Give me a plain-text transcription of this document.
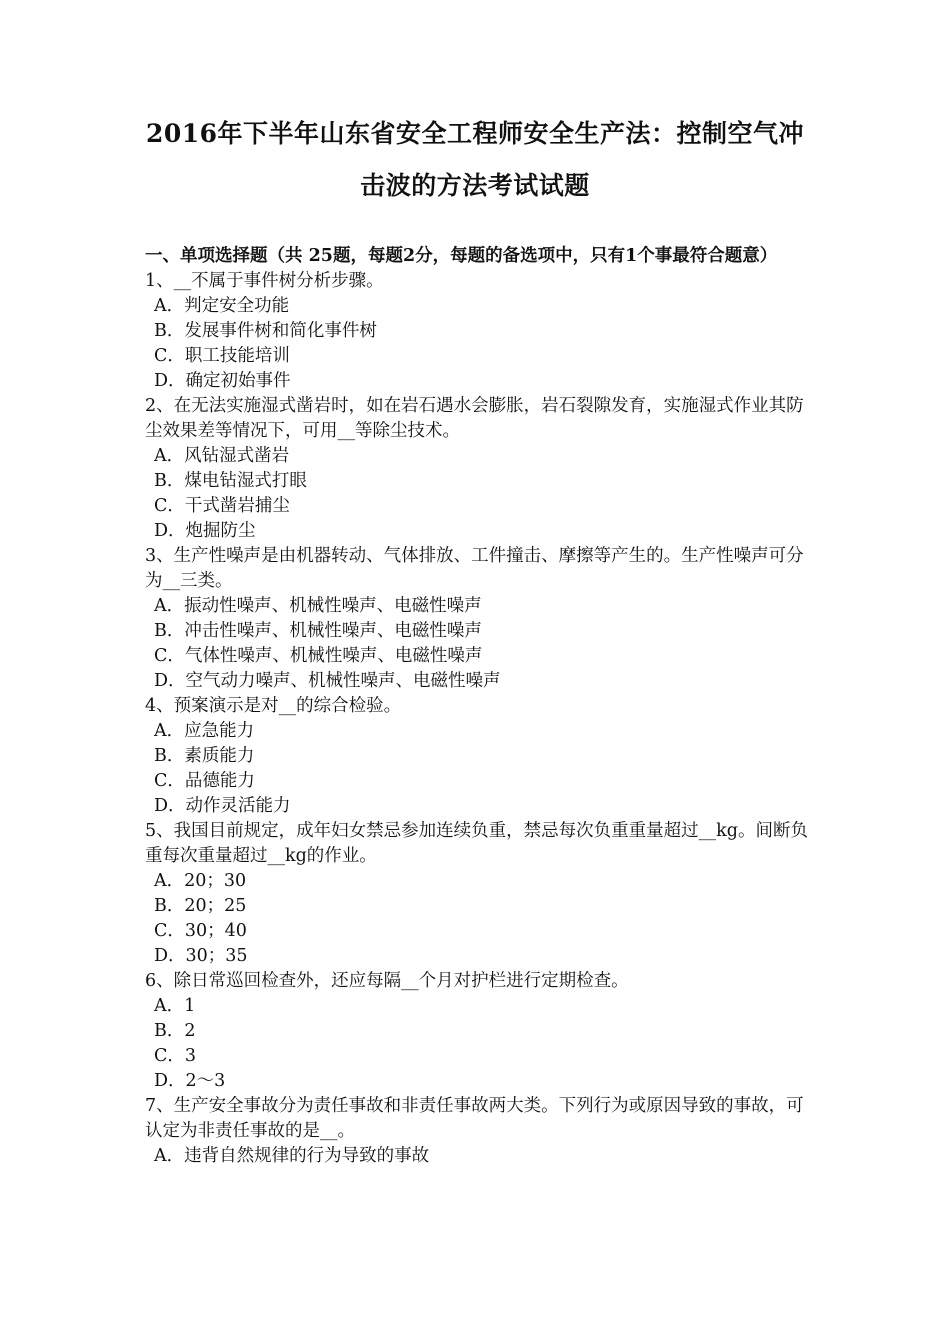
2016年下半年山东省安全工程师安全生产法：控制空气冲
击波的方法考试试题

一、单项选择题（共 25题，每题2分，每题的备选项中，只有1个事最符合题意）

1、__不属于事件树分析步骤。

A．判定安全功能

B．发展事件树和简化事件树

C．职工技能培训

D．确定初始事件

2、在无法实施湿式凿岩时，如在岩石遇水会膨胀，岩石裂隙发育，实施湿式作业其防尘效果差等情况下，可用__等除尘技术。

A．风钻湿式凿岩

B．煤电钻湿式打眼

C．干式凿岩捕尘

D．炮掘防尘

3、生产性噪声是由机器转动、气体排放、工件撞击、摩擦等产生的。生产性噪声可分为__三类。

A．振动性噪声、机械性噪声、电磁性噪声

B．冲击性噪声、机械性噪声、电磁性噪声

C．气体性噪声、机械性噪声、电磁性噪声

D．空气动力噪声、机械性噪声、电磁性噪声

4、预案演示是对__的综合检验。

A．应急能力

B．素质能力

C．品德能力

D．动作灵活能力

5、我国目前规定，成年妇女禁忌参加连续负重，禁忌每次负重重量超过__kg。间断负重每次重量超过__kg的作业。

A．20；30

B．20；25

C．30；40

D．30；35

6、除日常巡回检查外，还应每隔__个月对护栏进行定期检查。

A．1

B．2

C．3

D．2～3

7、生产安全事故分为责任事故和非责任事故两大类。下列行为或原因导致的事故，可认定为非责任事故的是__。

A．违背自然规律的行为导致的事故
